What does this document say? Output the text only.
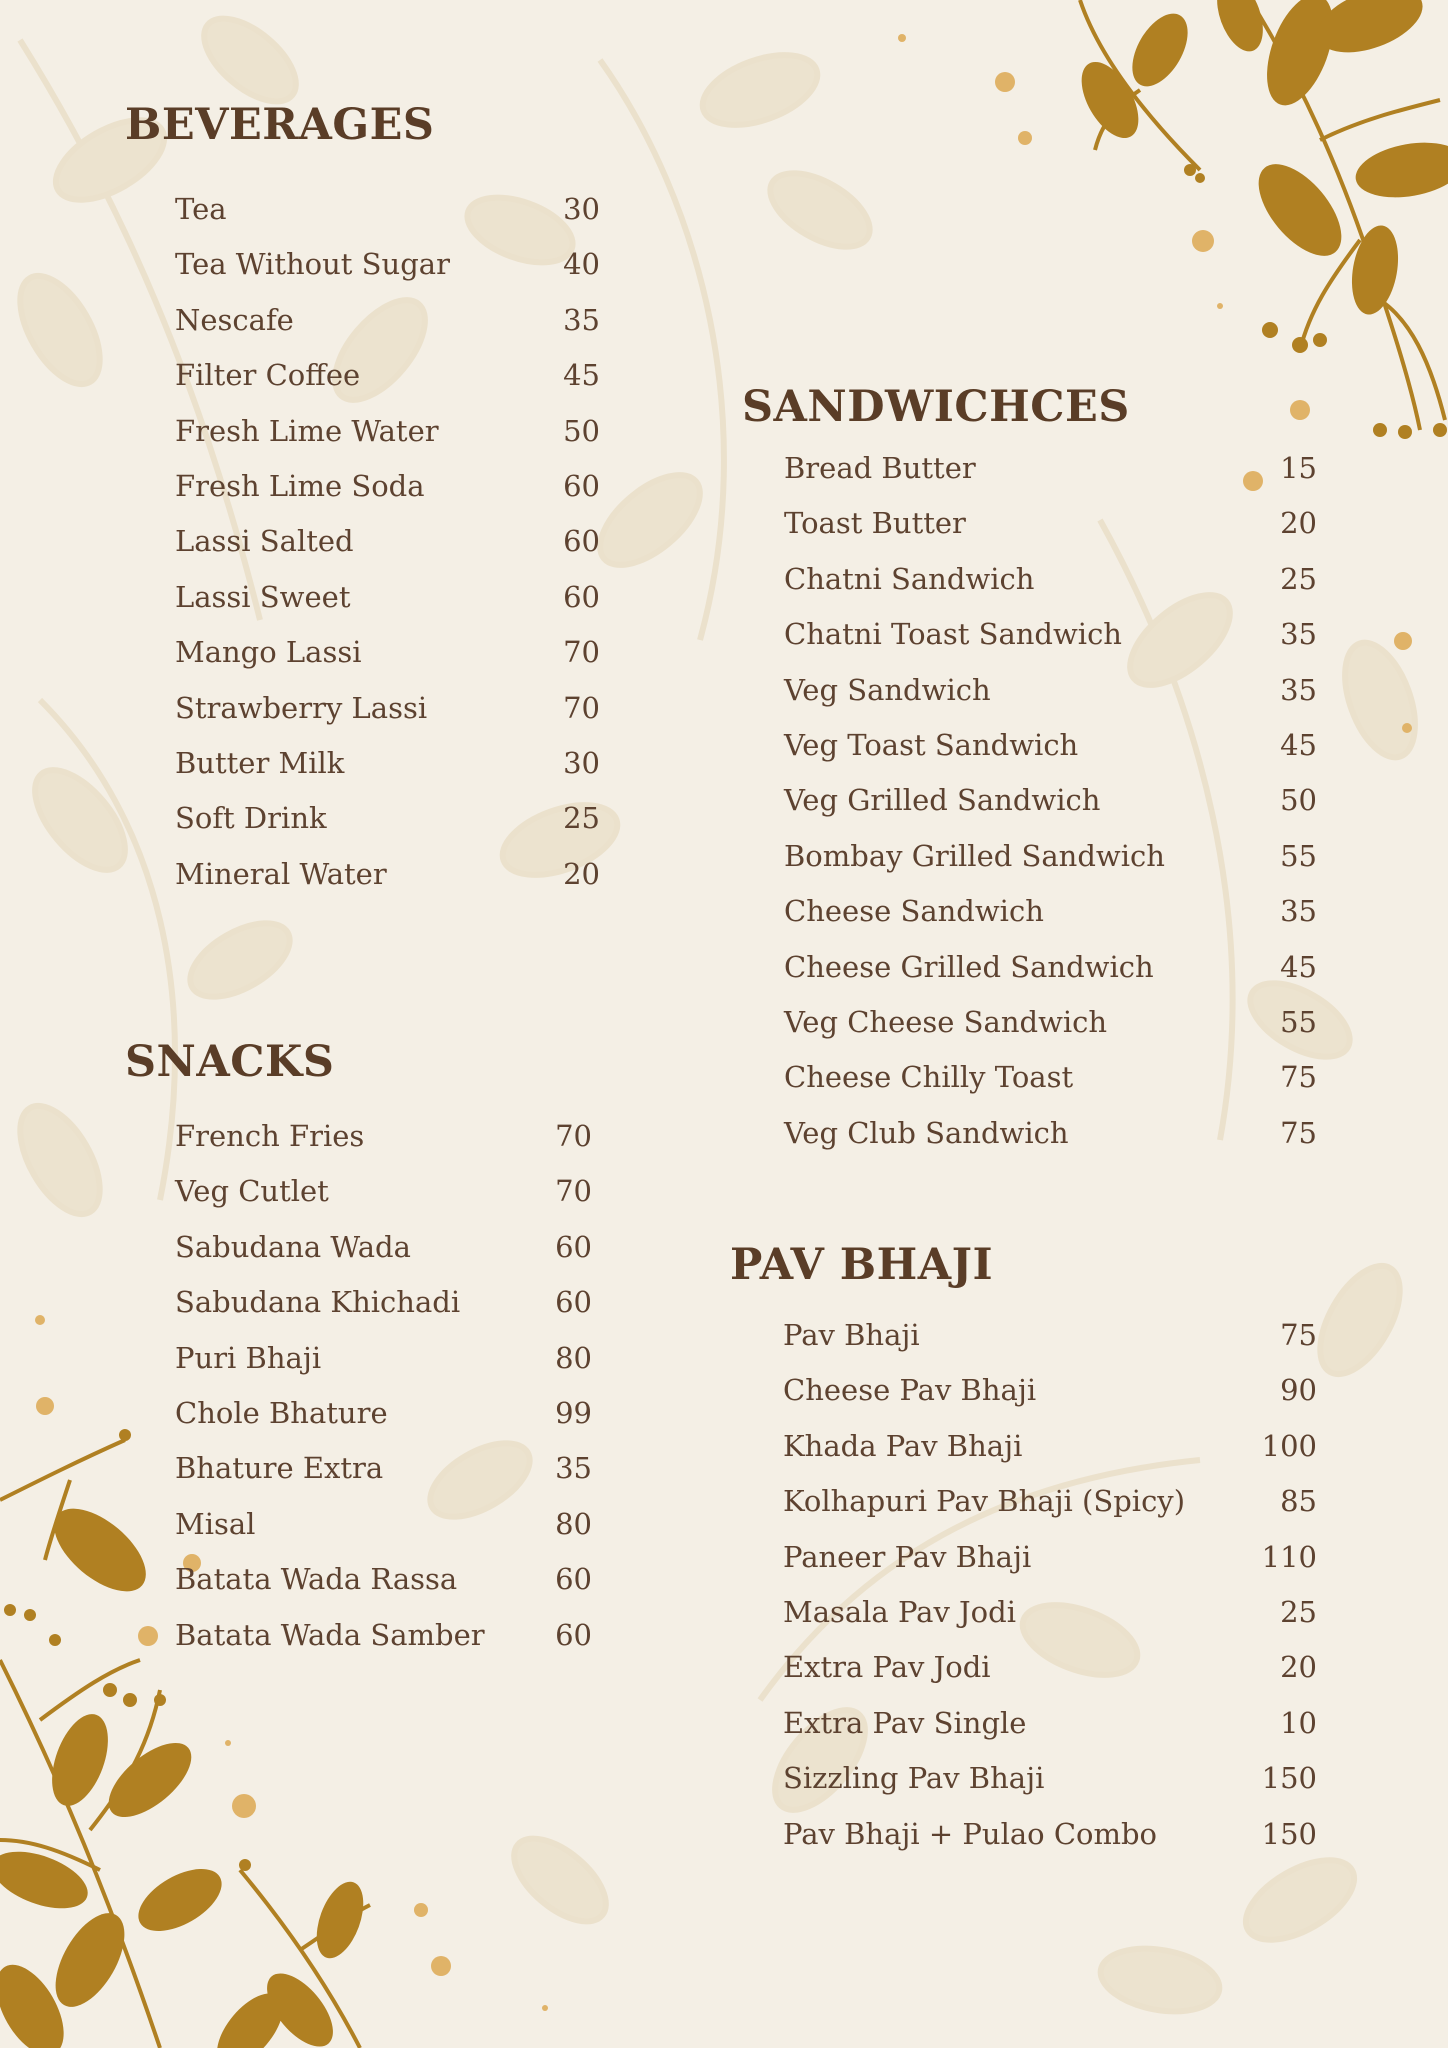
BEVERAGES
Tea	30
Tea Without Sugar	40
Nescafe	35
Filter Coffee	45
Fresh Lime Water	50
Fresh Lime Soda	60
Lassi Salted	60
Lassi Sweet	60
Mango Lassi	70
Strawberry Lassi	70
Butter Milk	30
Soft Drink	25
Mineral Water	20
SNACKS
French Fries	70
Veg Cutlet	70
Sabudana Wada	60
Sabudana Khichadi	60
Puri Bhaji	80
Chole Bhature	99
Bhature Extra	35
Misal	80
Batata Wada Rassa	60
Batata Wada Samber 60
SANDWICHCES
Bread Butter	15
Toast Butter	20
Chatni Sandwich	25
Chatni Toast Sandwich	35
Veg Sandwich	35
Veg Toast Sandwich	45
Veg Grilled Sandwich	50
Bombay Grilled Sandwich	55
Cheese Sandwich	35
Cheese Grilled Sandwich	45
Veg Cheese Sandwich	55
Cheese Chilly Toast	75
Veg Club Sandwich	75
PAV BHAJI
Pav Bhaji	75
Cheese Pav Bhaji	90
Khada Pav Bhaji	100
Kolhapuri Pav Bhaji (Spicy)	85
Paneer Pav Bhaji	110
Masala Pav Jodi	25
Extra Pav Jodi	20
Extra Pav Single	10
Sizzling Pav Bhaji	150
Pav Bhaji + Pulao Combo	150
